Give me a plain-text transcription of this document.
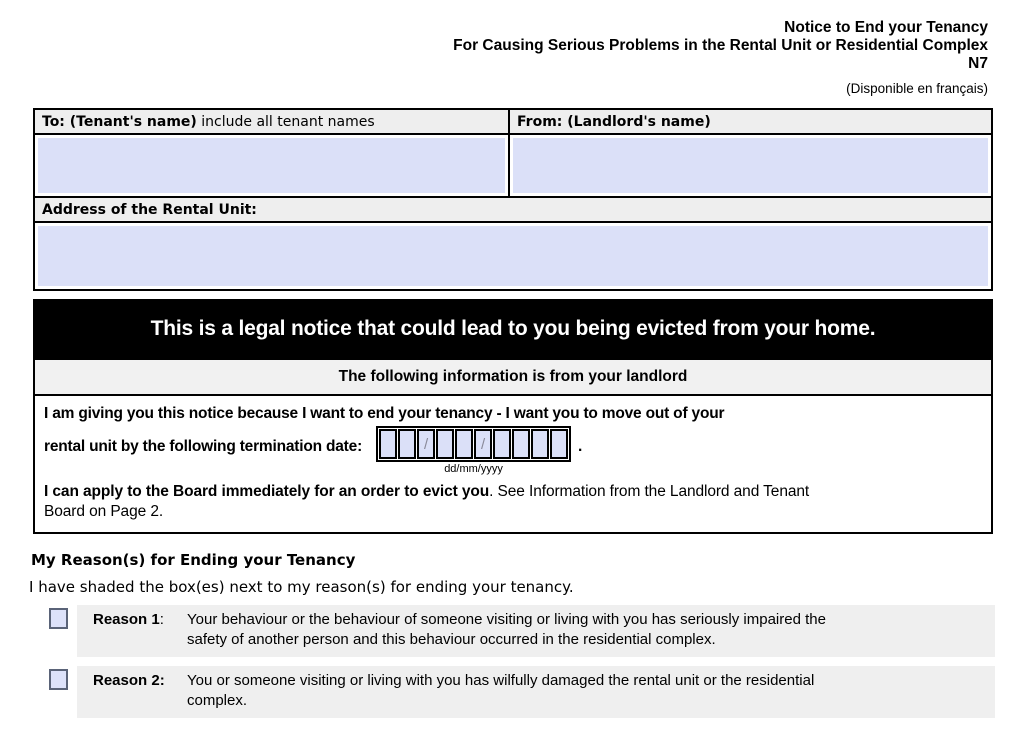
Notice to End your Tenancy
For Causing Serious Problems in the Rental Unit or Residential Complex
N7
(Disponible en français)
To: (Tenant's name) include all tenant names	From: (Landlord's name)
Address of the Rental Unit:
This is a legal notice that could lead to you being evicted from your home.
The following information is from your landlord
I am giving you this notice because I want to end your tenancy - I want you to move out of your
rental unit by the following termination date:	/	/
dd/mm/yyyy
.
I can apply to the Board immediately for an order to evict you. See Information from the Landlord and Tenant Board on Page 2.
My Reason(s) for Ending your Tenancy
I have shaded the box(es) next to my reason(s) for ending your tenancy.
Reason 1:	Your behaviour or the behaviour of someone visiting or living with you has seriously impaired the safety of another person and this behaviour occurred in the residential complex.
Reason 2:	You or someone visiting or living with you has wilfully damaged the rental unit or the residential complex.
